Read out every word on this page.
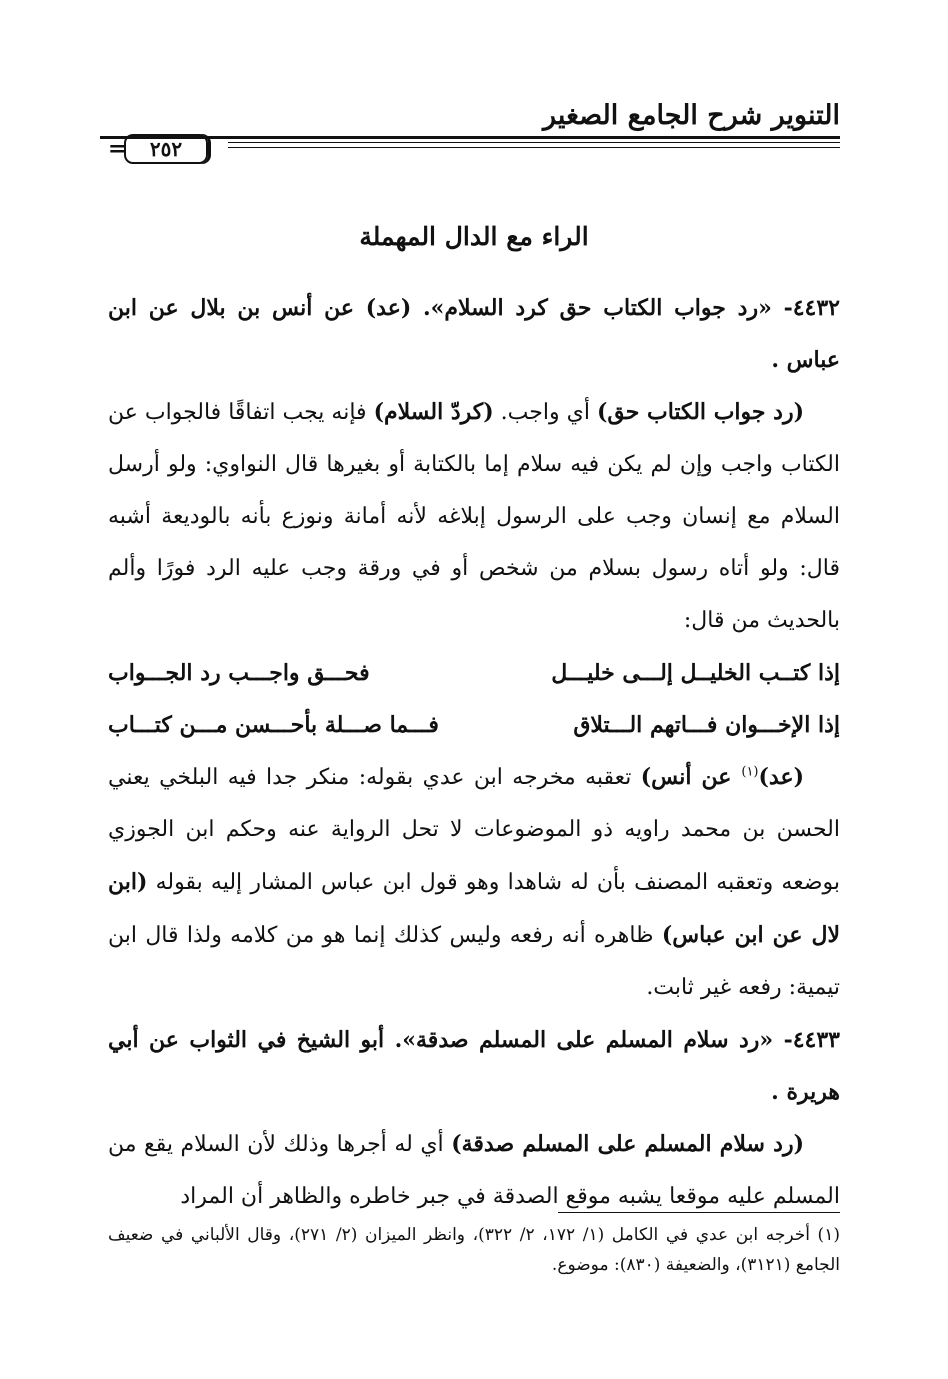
التنوير شرح الجامع الصغير
=	٢٥٢
الراء مع الدال المهملة

٤٤٣٢- «رد جواب الكتاب حق كرد السلام». (عد) عن أنس بن بلال عن ابن عباس .

(رد جواب الكتاب حق) أي واجب. (كردّ السلام) فإنه يجب اتفاقًا فالجواب عن الكتاب واجب وإن لم يكن فيه سلام إما بالكتابة أو بغيرها قال النواوي: ولو أرسل السلام مع إنسان وجب على الرسول إبلاغه لأنه أمانة ونوزع بأنه بالوديعة أشبه قال: ولو أتاه رسول بسلام من شخص أو في ورقة وجب عليه الرد فورًا وألم بالحديث من قال:

إذا كتــب الخليــل إلـــى خليـــل
فحـــق واجـــب رد الجـــواب
إذا الإخـــوان فـــاتهم الـــتلاق
فـــما صـــلة بأحـــسن مـــن كتـــاب

(عد)$^{(١)}$ عن أنس) تعقبه مخرجه ابن عدي بقوله: منكر جدا فيه البلخي يعني الحسن بن محمد راويه ذو الموضوعات لا تحل الرواية عنه وحكم ابن الجوزي بوضعه وتعقبه المصنف بأن له شاهدا وهو قول ابن عباس المشار إليه بقوله (ابن لال عن ابن عباس) ظاهره أنه رفعه وليس كذلك إنما هو من كلامه ولذا قال ابن تيمية: رفعه غير ثابت.

٤٤٣٣- «رد سلام المسلم على المسلم صدقة». أبو الشيخ في الثواب عن أبي هريرة .

(رد سلام المسلم على المسلم صدقة) أي له أجرها وذلك لأن السلام يقع من المسلم عليه موقعا يشبه موقع الصدقة في جبر خاطره والظاهر أن المراد

(١) أخرجه ابن عدي في الكامل (١/ ١٧٢، ٢/ ٣٢٢)، وانظر الميزان (٢/ ٢٧١)، وقال الألباني في ضعيف الجامع (٣١٢١)، والضعيفة (٨٣٠): موضوع.
